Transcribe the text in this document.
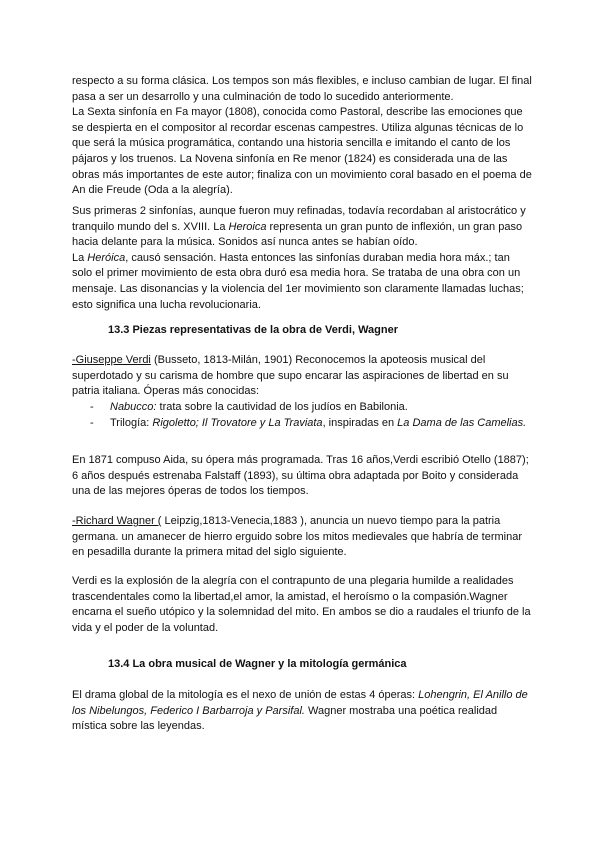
respecto a su forma clásica. Los tempos son más flexibles, e incluso cambian de lugar. El final pasa a ser un desarrollo y una culminación de todo lo sucedido anteriormente.

La Sexta sinfonía en Fa mayor (1808), conocida como Pastoral, describe las emociones que se despierta en el compositor al recordar escenas campestres. Utiliza algunas técnicas de lo que será la música programática, contando una historia sencilla e imitando el canto de los pájaros y los truenos. La Novena sinfonía en Re menor (1824) es considerada una de las obras más importantes de este autor; finaliza con un movimiento coral basado en el poema de An die Freude (Oda a la alegría).

Sus primeras 2 sinfonías, aunque fueron muy refinadas, todavía recordaban al aristocrático y tranquilo mundo del s. XVIII. La Heroica representa un gran punto de inflexión, un gran paso hacia delante para la música. Sonidos así nunca antes se habían oído.

La Heróica, causó sensación. Hasta entonces las sinfonías duraban media hora máx.; tan solo el primer movimiento de esta obra duró esa media hora. Se trataba de una obra con un mensaje. Las disonancias y la violencia del 1er movimiento son claramente llamadas luchas; esto significa una lucha revolucionaria.

13.3 Piezas representativas de la obra de Verdi, Wagner

-Giuseppe Verdi (Busseto, 1813-Milán, 1901) Reconocemos la apoteosis musical del superdotado y su carisma de hombre que supo encarar las aspiraciones de libertad en su patria italiana. Óperas más conocidas:

- Nabucco: trata sobre la cautividad de los judíos en Babilonia.
- Trilogía: Rigoletto; Il Trovatore y La Traviata, inspiradas en La Dama de las Camelias.

En 1871 compuso Aida, su ópera más programada. Tras 16 años,Verdi escribió Otello (1887); 6 años después estrenaba Falstaff (1893), su última obra adaptada por Boito y considerada una de las mejores óperas de todos los tiempos.

-Richard Wagner ( Leipzig,1813-Venecia,1883 ), anuncia un nuevo tiempo para la patria germana. un amanecer de hierro erguido sobre los mitos medievales que habría de terminar en pesadilla durante la primera mitad del siglo siguiente.

Verdi es la explosión de la alegría con el contrapunto de una plegaria humilde a realidades trascendentales como la libertad,el amor, la amistad, el heroísmo o la compasión.Wagner encarna el sueño utópico y la solemnidad del mito. En ambos se dio a raudales el triunfo de la vida y el poder de la voluntad.

13.4 La obra musical de Wagner y la mitología germánica

El drama global de la mitología es el nexo de unión de estas 4 óperas: Lohengrin, El Anillo de los Nibelungos, Federico I Barbarroja y Parsifal. Wagner mostraba una poética realidad mística sobre las leyendas.
